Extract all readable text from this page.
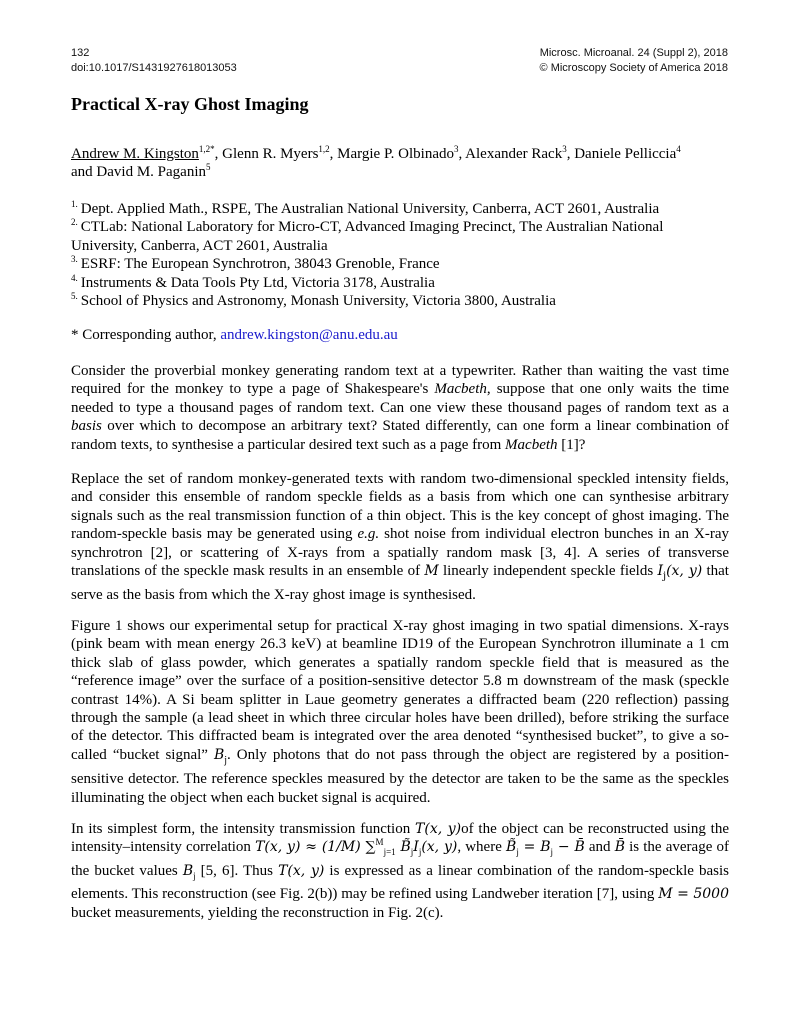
132
doi:10.1017/S1431927618013053
Microsc. Microanal. 24 (Suppl 2), 2018
© Microscopy Society of America 2018
Practical X-ray Ghost Imaging
Andrew M. Kingston$^{1,2*}$, Glenn R. Myers$^{1,2}$, Margie P. Olbinado$^3$, Alexander Rack$^3$, Daniele Pelliccia$^4$
and David M. Paganin$^5$
$^{1.}$ Dept. Applied Math., RSPE, The Australian National University, Canberra, ACT 2601, Australia
$^{2.}$ CTLab: National Laboratory for Micro-CT, Advanced Imaging Precinct, The Australian National University, Canberra, ACT 2601, Australia
$^{3.}$ ESRF: The European Synchrotron, 38043 Grenoble, France
$^{4.}$ Instruments & Data Tools Pty Ltd, Victoria 3178, Australia
$^{5.}$ School of Physics and Astronomy, Monash University, Victoria 3800, Australia
* Corresponding author, andrew.kingston@anu.edu.au
Consider the proverbial monkey generating random text at a typewriter. Rather than waiting the vast time required for the monkey to type a page of Shakespeare's Macbeth, suppose that one only waits the time needed to type a thousand pages of random text. Can one view these thousand pages of random text as a basis over which to decompose an arbitrary text? Stated differently, can one form a linear combination of random texts, to synthesise a particular desired text such as a page from Macbeth [1]?
Replace the set of random monkey-generated texts with random two-dimensional speckled intensity fields, and consider this ensemble of random speckle fields as a basis from which one can synthesise arbitrary signals such as the real transmission function of a thin object. This is the key concept of ghost imaging. The random-speckle basis may be generated using e.g. shot noise from individual electron bunches in an X-ray synchrotron [2], or scattering of X-rays from a spatially random mask [3, 4]. A series of transverse translations of the speckle mask results in an ensemble of M linearly independent speckle fields $I_j(x$, y) that serve as the basis from which the X-ray ghost image is synthesised.
Figure 1 shows our experimental setup for practical X-ray ghost imaging in two spatial dimensions. X-rays (pink beam with mean energy 26.3 keV) at beamline ID19 of the European Synchrotron illuminate a 1 cm thick slab of glass powder, which generates a spatially random speckle field that is measured as the “reference image” over the surface of a position-sensitive detector 5.8 m downstream of the mask (speckle contrast 14%). A Si beam splitter in Laue geometry generates a diffracted beam (220 reflection) passing through the sample (a lead sheet in which three circular holes have been drilled), before striking the surface of the detector. This diffracted beam is integrated over the area denoted “synthesised bucket”, to give a so-called “bucket signal” $B_j$. Only photons that do not pass through the object are registered by a position-sensitive detector. The reference speckles measured by the detector are taken to be the same as the speckles illuminating the object when each bucket signal is acquired.
In its simplest form, the intensity transmission function T(x, y)of the object can be reconstructed using the intensity–intensity correlation T(x, y) ≈ (1/M) ∑$^M_{j=1}$ $B̃_jI_j(x$, y), where $B̃_j = B_j$ − B̄ and B̄ is the average of the bucket values $B_j$ [5, 6]. Thus T(x, y) is expressed as a linear combination of the random-speckle basis elements. This reconstruction (see Fig. 2(b)) may be refined using Landweber iteration [7], using M = 5000 bucket measurements, yielding the reconstruction in Fig. 2(c).
